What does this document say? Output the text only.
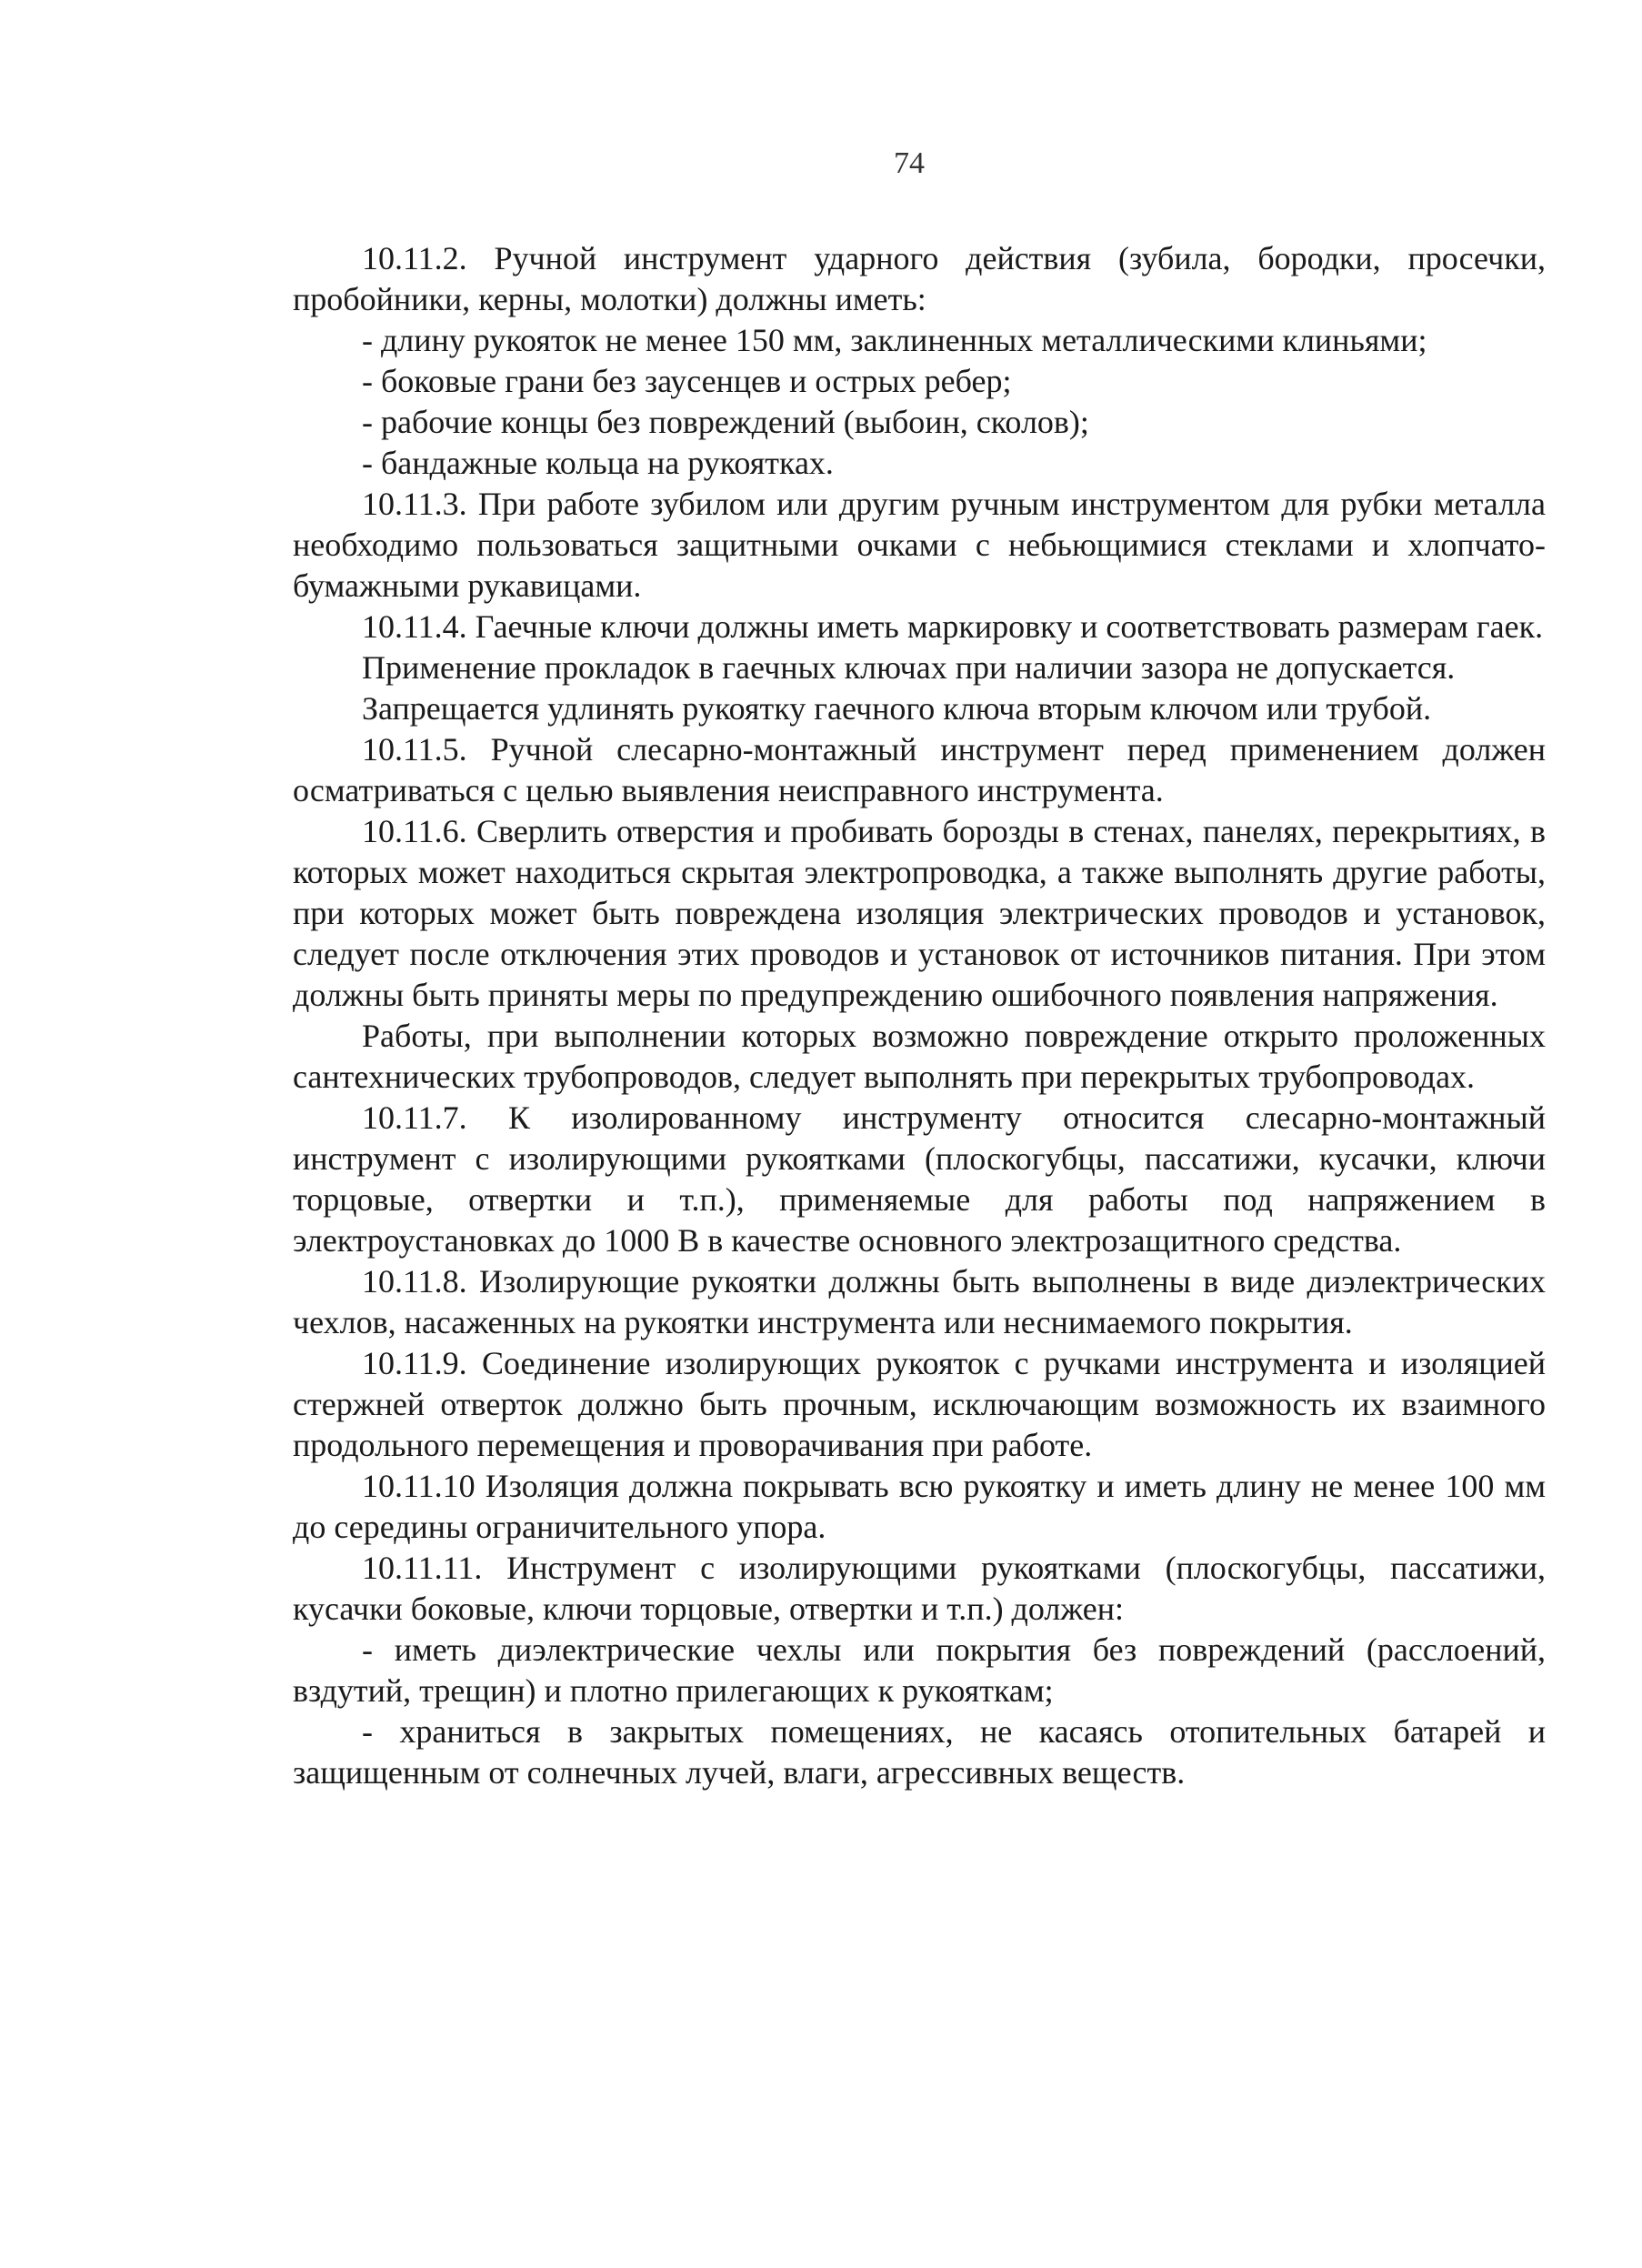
74

10.11.2. Ручной инструмент ударного действия (зубила, бородки, просечки, пробойники, керны, молотки) должны иметь:

- длину рукояток не менее 150 мм, заклиненных металлическими клиньями;

- боковые грани без заусенцев и острых ребер;

- рабочие концы без повреждений (выбоин, сколов);

- бандажные кольца на рукоятках.

10.11.3. При работе зубилом или другим ручным инструментом для рубки металла необходимо пользоваться защитными очками с небьющимися стеклами и хлопчато-бумажными рукавицами.

10.11.4. Гаечные ключи должны иметь маркировку и соответствовать размерам гаек.

Применение прокладок в гаечных ключах при наличии зазора не допускается.

Запрещается удлинять рукоятку гаечного ключа вторым ключом или трубой.

10.11.5. Ручной слесарно-монтажный инструмент перед применением должен осматриваться с целью выявления неисправного инструмента.

10.11.6. Сверлить отверстия и пробивать борозды в стенах, панелях, перекрытиях, в которых может находиться скрытая электропроводка, а также выполнять другие работы, при которых может быть повреждена изоляция электрических проводов и установок, следует после отключения этих проводов и установок от источников питания. При этом должны быть приняты меры по предупреждению ошибочного появления напряжения.

Работы, при выполнении которых возможно повреждение открыто проложенных сантехнических трубопроводов, следует выполнять при перекрытых трубопроводах.

10.11.7. К изолированному инструменту относится слесарно-монтажный инструмент с изолирующими рукоятками (плоскогубцы, пассатижи, кусачки, ключи торцовые, отвертки и т.п.), применяемые для работы под напряжением в электроустановках до 1000 В в качестве основного электрозащитного средства.

10.11.8. Изолирующие рукоятки должны быть выполнены в виде диэлектрических чехлов, насаженных на рукоятки инструмента или неснимаемого покрытия.

10.11.9. Соединение изолирующих рукояток с ручками инструмента и изоляцией стержней отверток должно быть прочным, исключающим возможность их взаимного продольного перемещения и проворачивания при работе.

10.11.10 Изоляция должна покрывать всю рукоятку и иметь длину не менее 100 мм до середины ограничительного упора.

10.11.11. Инструмент с изолирующими рукоятками (плоскогубцы, пассатижи, кусачки боковые, ключи торцовые, отвертки и т.п.) должен:

- иметь диэлектрические чехлы или покрытия без повреждений (расслоений, вздутий, трещин) и плотно прилегающих к рукояткам;

- храниться в закрытых помещениях, не касаясь отопительных батарей и защищенным от солнечных лучей, влаги, агрессивных веществ.
